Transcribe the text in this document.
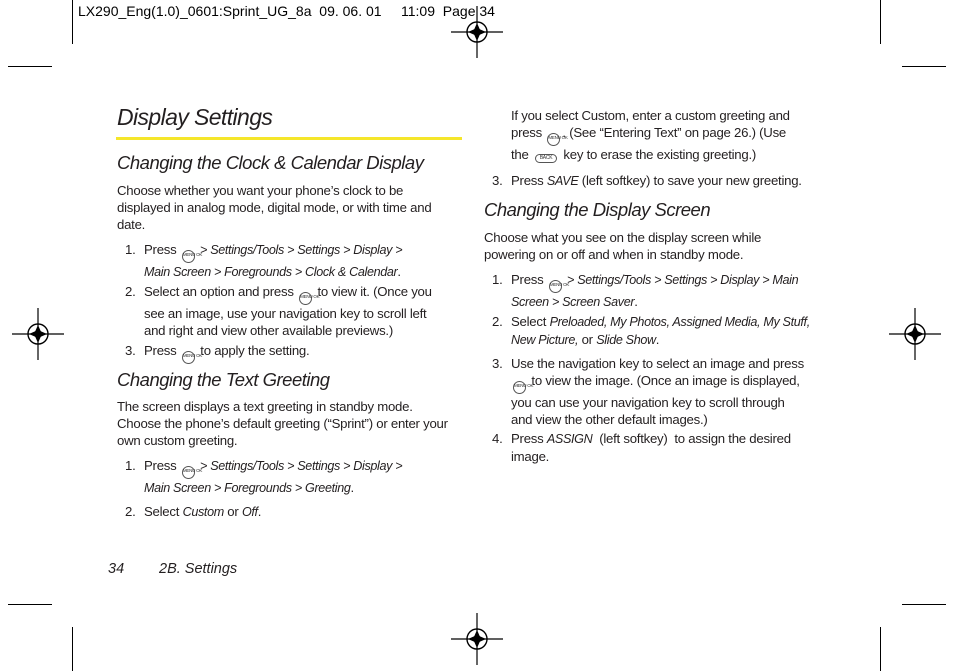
LX290_Eng(1.0)_0601:Sprint_UG_8a  09. 06. 01     11:09  Page 34
Display Settings
Changing the Clock & Calendar Display
Choose whether you want your phone’s clock to be displayed in analog mode, digital mode, or with time and date.
1. Press MENU OK > Settings/Tools > Settings > Display >
Main Screen > Foregrounds > Clock & Calendar.
2. Select an option and press MENU OK to view it. (Once you
see an image, use your navigation key to scroll left
and right and view other available previews.)
3. Press MENU OK to apply the setting.
Changing the Text Greeting
The screen displays a text greeting in standby mode. Choose the phone’s default greeting (“Sprint”) or enter your own custom greeting.
1. Press MENU OK > Settings/Tools > Settings > Display >
Main Screen > Foregrounds > Greeting.
2. Select Custom or Off.
If you select Custom, enter a custom greeting and
press MENU OK. (See “Entering Text” on page 26.) (Use
the BACK key to erase the existing greeting.)
3. Press SAVE (left softkey) to save your new greeting.
Changing the Display Screen
Choose what you see on the display screen while powering on or off and when in standby mode.
1. Press MENU OK > Settings/Tools > Settings > Display > Main
Screen > Screen Saver.
2. Select Preloaded, My Photos, Assigned Media, My Stuff,
New Picture, or Slide Show.
3. Use the navigation key to select an image and press
MENU OK to view the image. (Once an image is displayed,
you can use your navigation key to scroll through
and view the other default images.)
4. Press ASSIGN  (left softkey)  to assign the desired
image.
34 2B. Settings
